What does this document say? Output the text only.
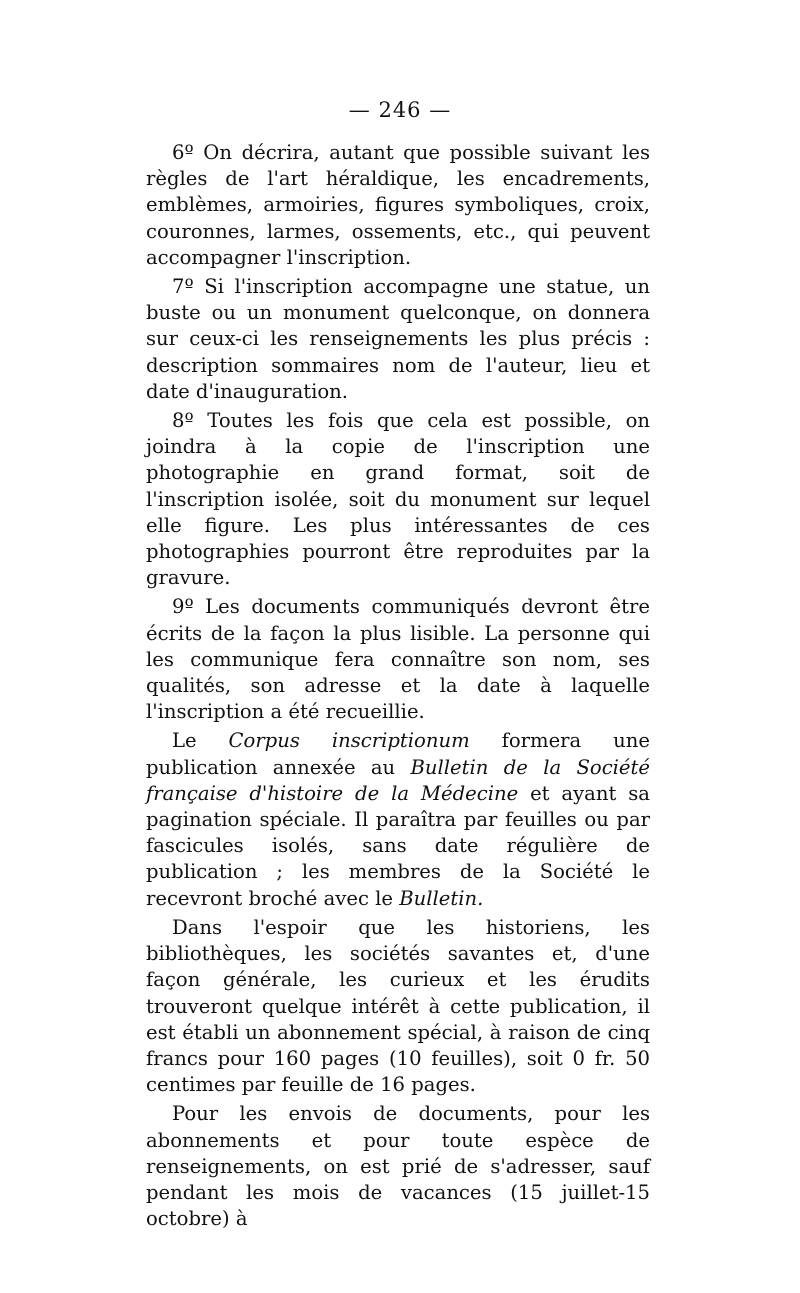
— 246 —

6º On décrira, autant que possible suivant les règles de l'art héraldique, les encadrements, emblèmes, armoiries, figures symboliques, croix, couronnes, larmes, ossements, etc., qui peuvent accompagner l'inscription.

7º Si l'inscription accompagne une statue, un buste ou un monument quelconque, on donnera sur ceux-ci les renseignements les plus précis : description sommaires nom de l'auteur, lieu et date d'inauguration.

8º Toutes les fois que cela est possible, on joindra à la copie de l'inscription une photographie en grand format, soit de l'inscription isolée, soit du monument sur lequel elle figure. Les plus intéressantes de ces photographies pourront être reproduites par la gravure.

9º Les documents communiqués devront être écrits de la façon la plus lisible. La personne qui les communique fera connaître son nom, ses qualités, son adresse et la date à laquelle l'inscription a été recueillie.

Le Corpus inscriptionum formera une publication annexée au Bulletin de la Société française d'histoire de la Médecine et ayant sa pagination spéciale. Il paraîtra par feuilles ou par fascicules isolés, sans date régulière de publication ; les membres de la Société le recevront broché avec le Bulletin.

Dans l'espoir que les historiens, les bibliothèques, les sociétés savantes et, d'une façon générale, les curieux et les érudits trouveront quelque intérêt à cette publication, il est établi un abonnement spécial, à raison de cinq francs pour 160 pages (10 feuilles), soit 0 fr. 50 centimes par feuille de 16 pages.

Pour les envois de documents, pour les abonnements et pour toute espèce de renseignements, on est prié de s'adresser, sauf pendant les mois de vacances (15 juillet-15 octobre) à
